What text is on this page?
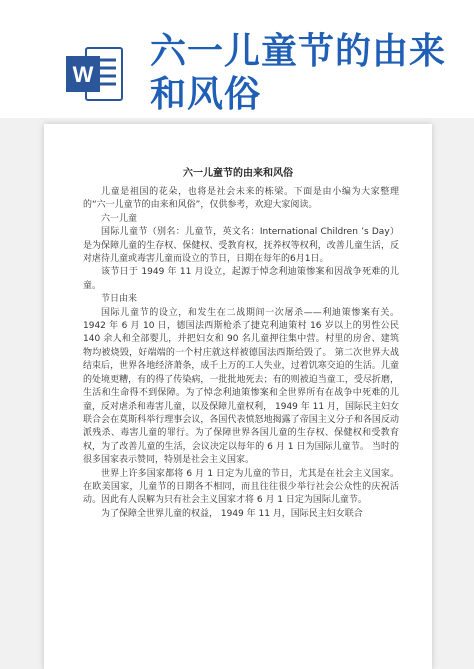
W
六一儿童节的由来
和风俗
六一儿童节的由来和风俗

儿童是祖国的花朵，也将是社会未来的栋梁。下面是由小编为大家整理的“六一儿童节的由来和风俗”，仅供参考，欢迎大家阅读。

六一儿童

国际儿童节（别名：儿童节，英文名：International Children ’s Day）是为保障儿童的生存权、保健权、受教育权，抚养权等权利，改善儿童生活，反对虐待儿童或毒害儿童而设立的节日，日期在每年的6月1日。

该节日于 1949 年 11 月设立，起源于悼念利迪策惨案和因战争死难的儿童。

节日由来

国际儿童节的设立，和发生在二战期间一次屠杀——利迪策惨案有关。 1942 年 6 月 10 日，德国法西斯枪杀了捷克利迪策村 16 岁以上的男性公民 140 余人和全部婴儿，并把妇女和 90 名儿童押往集中营。村里的房舍、建筑物均被烧毁，好端端的一个村庄就这样被德国法西斯给毁了。 第二次世界大战结束后，世界各地经济萧条，成千上万的工人失业，过着饥寒交迫的生活。儿童的处境更糟，有的得了传染病，一批批地死去；有的则被迫当童工，受尽折磨，生活和生命得不到保障。为了悼念利迪策惨案和全世界所有在战争中死难的儿童，反对虐杀和毒害儿童，以及保障儿童权利， 1949 年 11 月，国际民主妇女联合会在莫斯科举行理事会议，各国代表愤怒地揭露了帝国主义分子和各国反动派残杀、毒害儿童的罪行。为了保障世界各国儿童的生存权、保健权和受教育权，为了改善儿童的生活，会议决定以每年的 6 月 1 日为国际儿童节。 当时的很多国家表示赞同，特别是社会主义国家。

世界上许多国家都将 6 月 1 日定为儿童的节日，尤其是在社会主义国家。 在欧美国家，儿童节的日期各不相同，而且往往很少举行社会公众性的庆祝活动。因此有人误解为只有社会主义国家才将 6 月 1 日定为国际儿童节。

为了保障全世界儿童的权益， 1949 年 11 月，国际民主妇女联合
